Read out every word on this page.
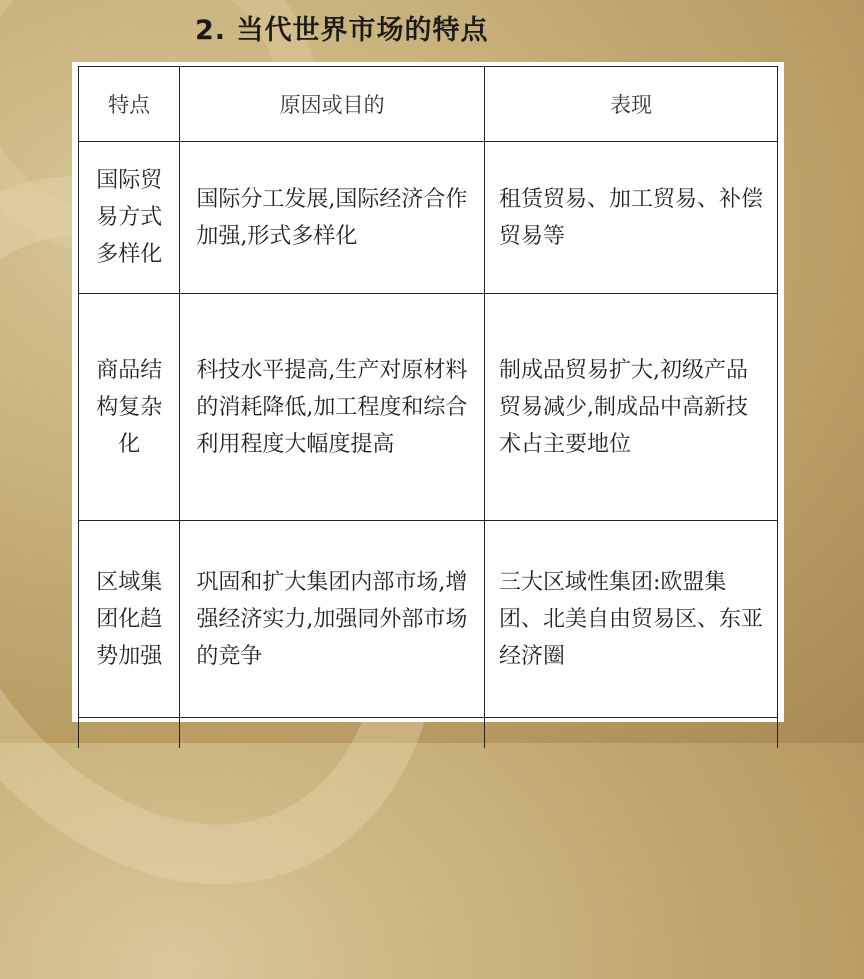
2. 当代世界市场的特点
特点	原因或目的	表现

国际贸
易方式
多样化	国际分工发展,国际经济合作加强,形式多样化	租赁贸易、加工贸易、补偿贸易等

商品结
构复杂
化	科技水平提高,生产对原材料的消耗降低,加工程度和综合利用程度大幅度提高	制成品贸易扩大,初级产品贸易减少,制成品中高新技术占主要地位

区域集
团化趋
势加强	巩固和扩大集团内部市场,增强经济实力,加强同外部市场的竞争	三大区域性集团:欧盟集团、北美自由贸易区、东亚经济圈
